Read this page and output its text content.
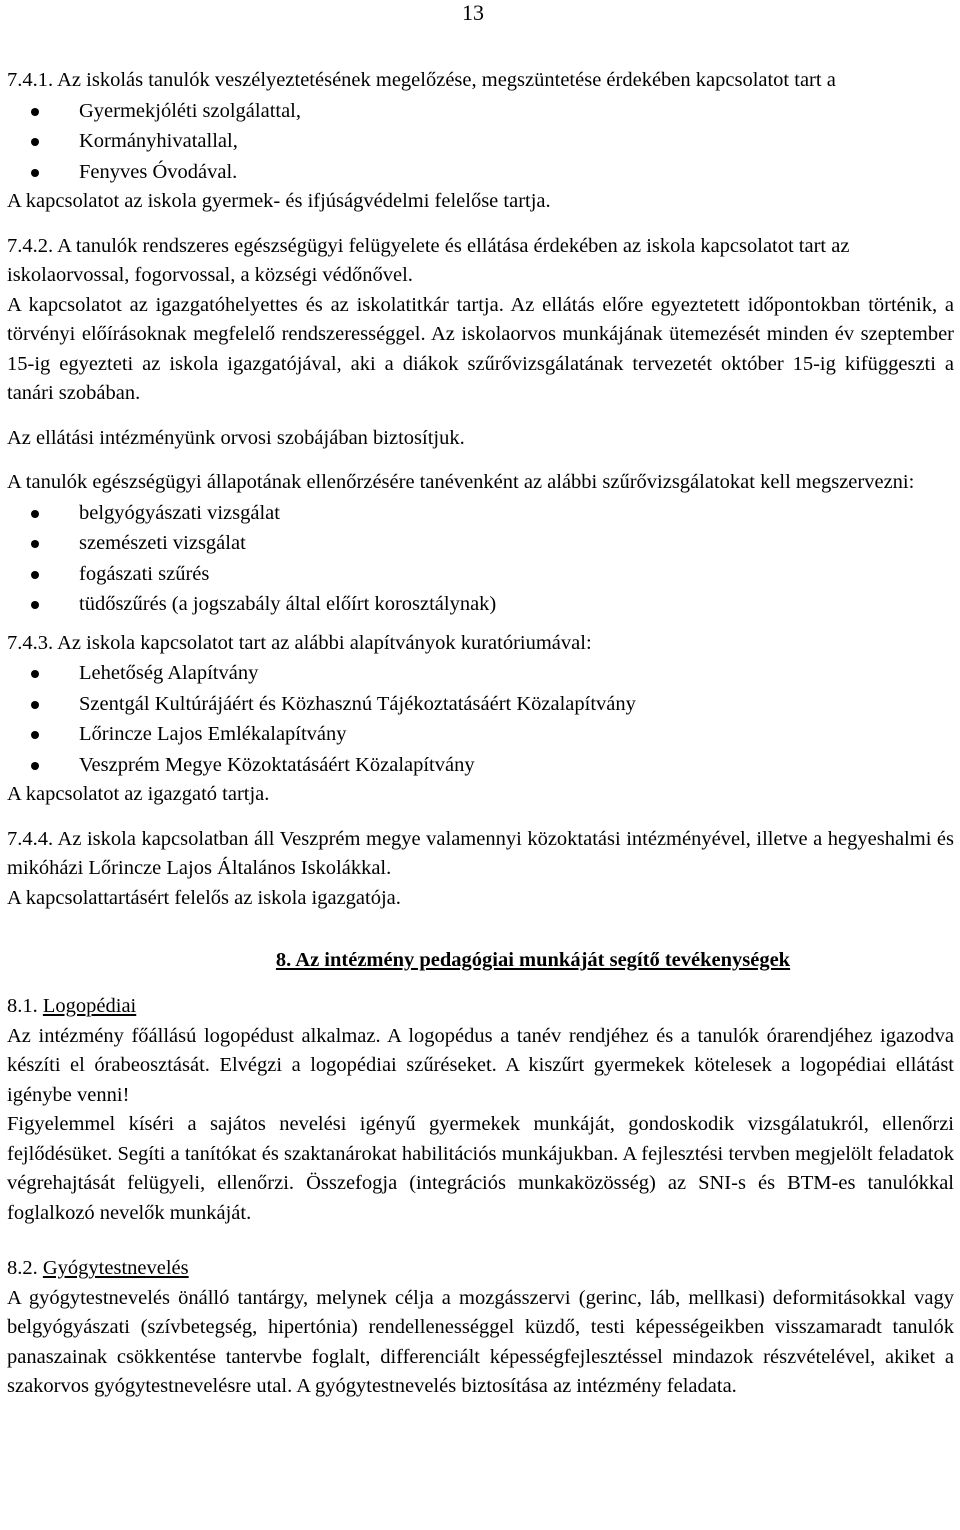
13

7.4.1. Az iskolás tanulók veszélyeztetésének megelőzése, megszüntetése érdekében kapcsolatot tart a

Gyermekjóléti szolgálattal,
Kormányhivatallal,
Fenyves Óvodával.

A kapcsolatot az iskola gyermek- és ifjúságvédelmi felelőse tartja.

7.4.2. A tanulók rendszeres egészségügyi felügyelete és ellátása érdekében az iskola kapcsolatot tart az iskolaorvossal, fogorvossal, a községi védőnővel.

A kapcsolatot az igazgatóhelyettes és az iskolatitkár tartja. Az ellátás előre egyeztetett időpontokban történik, a törvényi előírásoknak megfelelő rendszerességgel. Az iskolaorvos munkájának ütemezését minden év szeptember 15-ig egyezteti az iskola igazgatójával, aki a diákok szűrővizsgálatának tervezetét október 15-ig kifüggeszti a tanári szobában.

Az ellátási intézményünk orvosi szobájában biztosítjuk.

A tanulók egészségügyi állapotának ellenőrzésére tanévenként az alábbi szűrővizsgálatokat kell megszervezni:

belgyógyászati vizsgálat
szemészeti vizsgálat
fogászati szűrés
tüdőszűrés (a jogszabály által előírt korosztálynak)

7.4.3. Az iskola kapcsolatot tart az alábbi alapítványok kuratóriumával:

Lehetőség Alapítvány
Szentgál Kultúrájáért és Közhasznú Tájékoztatásáért Közalapítvány
Lőrincze Lajos Emlékalapítvány
Veszprém Megye Közoktatásáért Közalapítvány

A kapcsolatot az igazgató tartja.

7.4.4. Az iskola kapcsolatban áll Veszprém megye valamennyi közoktatási intézményével, illetve a hegyeshalmi és mikóházi Lőrincze Lajos Általános Iskolákkal.

A kapcsolattartásért felelős az iskola igazgatója.

8. Az intézmény pedagógiai munkáját segítő tevékenységek

8.1. Logopédiai

Az intézmény főállású logopédust alkalmaz. A logopédus a tanév rendjéhez és a tanulók órarendjéhez igazodva készíti el órabeosztását. Elvégzi a logopédiai szűréseket. A kiszűrt gyermekek kötelesek a logopédiai ellátást igénybe venni!

Figyelemmel kíséri a sajátos nevelési igényű gyermekek munkáját, gondoskodik vizsgálatukról, ellenőrzi fejlődésüket. Segíti a tanítókat és szaktanárokat habilitációs munkájukban. A fejlesztési tervben megjelölt feladatok végrehajtását felügyeli, ellenőrzi. Összefogja (integrációs munkaközösség) az SNI-s és BTM-es tanulókkal foglalkozó nevelők munkáját.

8.2. Gyógytestnevelés

A gyógytestnevelés önálló tantárgy, melynek célja a mozgásszervi (gerinc, láb, mellkasi) deformitásokkal vagy belgyógyászati (szívbetegség, hipertónia) rendellenességgel küzdő, testi képességeikben visszamaradt tanulók panaszainak csökkentése tantervbe foglalt, differenciált képességfejlesztéssel mindazok részvételével, akiket a szakorvos gyógytestnevelésre utal. A gyógytestnevelés biztosítása az intézmény feladata.
